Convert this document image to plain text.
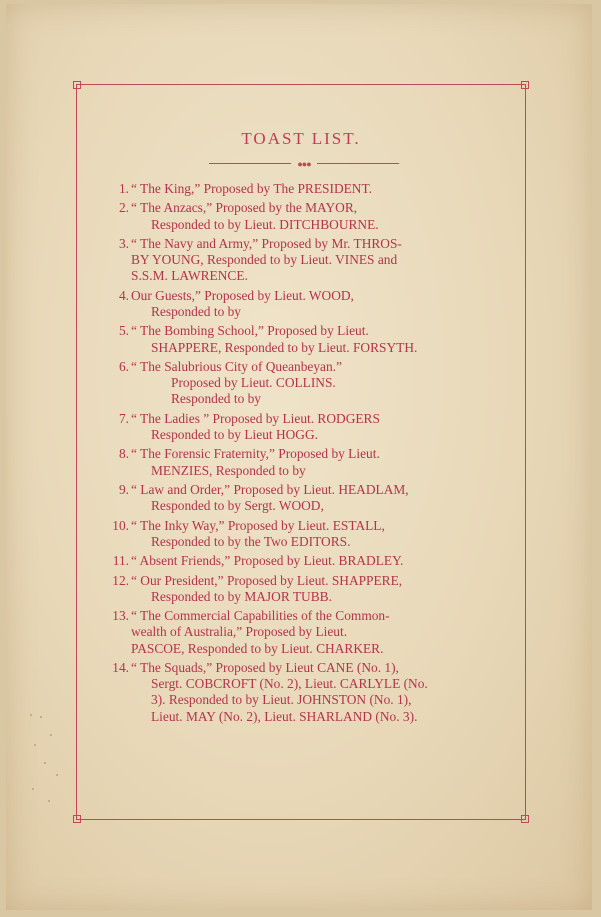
TOAST LIST.
●●●
1. “ The King,” Proposed by The PRESIDENT.
2. “ The Anzacs,” Proposed by the MAYOR,
Responded to by Lieut. DITCHBOURNE.
3. “ The Navy and Army,” Proposed by Mr. THROS-
BY YOUNG, Responded to by Lieut. VINES and
S.S.M. LAWRENCE.
4. Our Guests,” Proposed by Lieut. WOOD,
Responded to by
5. “ The Bombing School,” Proposed by Lieut.
SHAPPERE, Responded to by Lieut. FORSYTH.
6. “ The Salubrious City of Queanbeyan.”
Proposed by Lieut. COLLINS.
Responded to by
7. “ The Ladies ” Proposed by Lieut. RODGERS
Responded to by Lieut HOGG.
8. “ The Forensic Fraternity,” Proposed by Lieut.
MENZIES, Responded to by
9. “ Law and Order,” Proposed by Lieut. HEADLAM,
Responded to by Sergt. WOOD,
10. “ The Inky Way,” Proposed by Lieut. ESTALL,
Responded to by the Two EDITORS.
11. “ Absent Friends,” Proposed by Lieut. BRADLEY.
12. “ Our President,” Proposed by Lieut. SHAPPERE,
Responded to by MAJOR TUBB.
13. “ The Commercial Capabilities of the Common-
wealth of Australia,” Proposed by Lieut.
PASCOE, Responded to by Lieut. CHARKER.
14. “ The Squads,” Proposed by Lieut CANE (No. 1),
Sergt. COBCROFT (No. 2), Lieut. CARLYLE (No.
3). Responded to by Lieut. JOHNSTON (No. 1),
Lieut. MAY (No. 2), Lieut. SHARLAND (No. 3).
